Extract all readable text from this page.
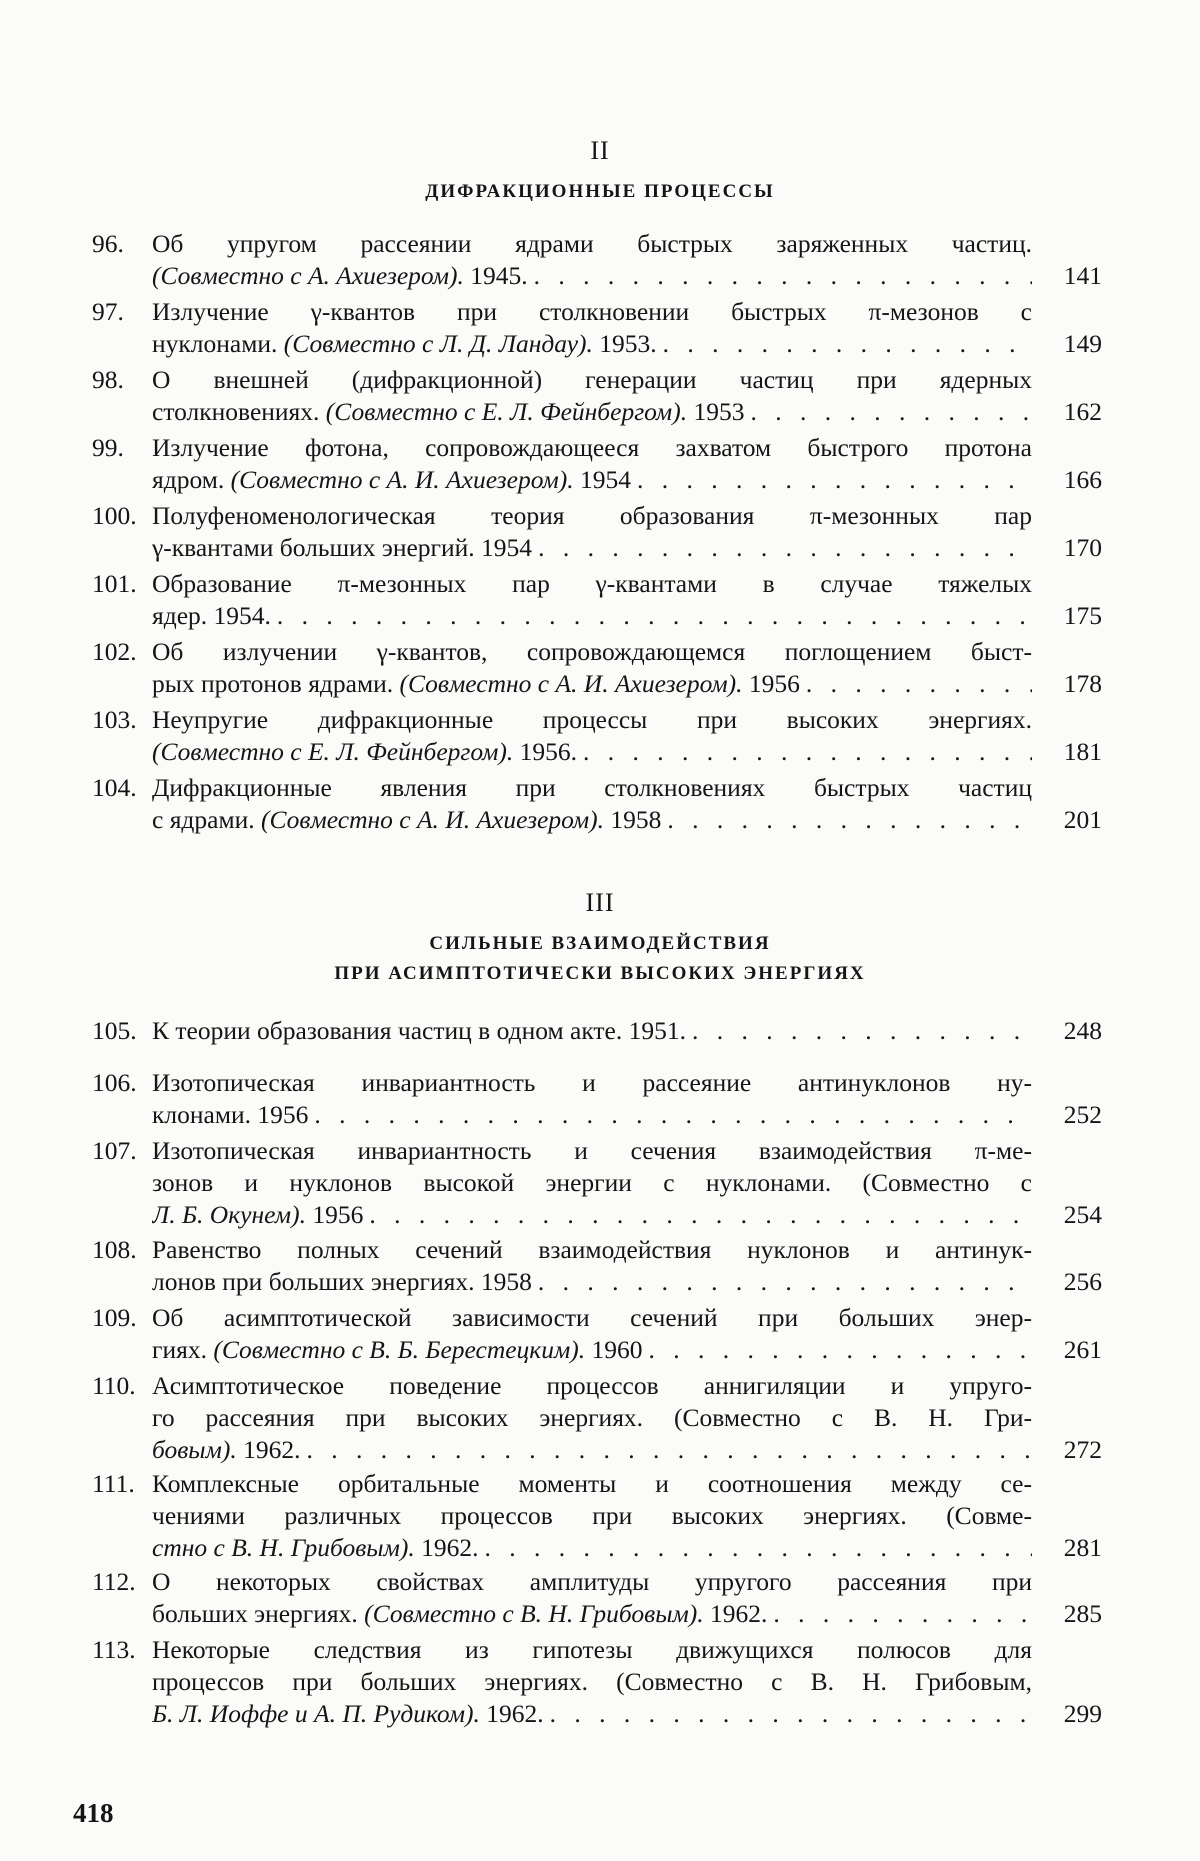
II
ДИФРАКЦИОННЫЕ ПРОЦЕССЫ
96.	Об упругом рассеянии ядрами быстрых заряженных частиц.
(Совместно с А. Ахиезером). 1945. . . .	141
97.	Излучение γ-квантов при столкновении быстрых π-мезонов с
нуклонами. (Совместно с Л. Д. Ландау). 1953. . . .	149
98.	О внешней (дифракционной) генерации частиц при ядерных
столкновениях. (Совместно с Е. Л. Фейнбергом). 1953 . . .	162
99.	Излучение фотона, сопровождающееся захватом быстрого протона
ядром. (Совместно с А. И. Ахиезером). 1954 . . .	166
100. Полуфеноменологическая теория образования π-мезонных пар
γ-квантами больших энергий. 1954 . . .	170
101. Образование π-мезонных пар γ-квантами в случае тяжелых
ядер. 1954. . . .	175
102. Об излучении γ-квантов, сопровождающемся поглощением быст-
рых протонов ядрами. (Совместно с А. И. Ахиезером). 1956 . . .	178
103. Неупругие дифракционные процессы при высоких энергиях.
(Совместно с Е. Л. Фейнбергом). 1956. . . .	181
104. Дифракционные явления при столкновениях быстрых частиц
с ядрами. (Совместно с А. И. Ахиезером). 1958 . . .	201
III
СИЛЬНЫЕ ВЗАИМОДЕЙСТВИЯ
ПРИ АСИМПТОТИЧЕСКИ ВЫСОКИХ ЭНЕРГИЯХ
105. К теории образования частиц в одном акте. 1951. . . .	248
106. Изотопическая инвариантность и рассеяние антинуклонов ну-
клонами. 1956 . . .	252
107. Изотопическая инвариантность и сечения взаимодействия π-ме-
зонов и нуклонов высокой энергии с нуклонами. (Совместно с
Л. Б. Окунем). 1956 . . .	254
108. Равенство полных сечений взаимодействия нуклонов и антинук-
лонов при больших энергиях. 1958 . . .	256
109. Об асимптотической зависимости сечений при больших энер-
гиях. (Совместно с В. Б. Берестецким). 1960 . . .	261
110. Асимптотическое поведение процессов аннигиляции и упруго-
го рассеяния при высоких энергиях. (Совместно с В. Н. Гри-
бовым). 1962. . . .	272
111. Комплексные орбитальные моменты и соотношения между се-
чениями различных процессов при высоких энергиях. (Совме-
стно с В. Н. Грибовым). 1962. . . .	281
112. О некоторых свойствах амплитуды упругого рассеяния при
больших энергиях. (Совместно с В. Н. Грибовым). 1962. . . .	285
113. Некоторые следствия из гипотезы движущихся полюсов для
процессов при больших энергиях. (Совместно с В. Н. Грибовым,
Б. Л. Иоффе и А. П. Рудиком). 1962. . . .	299
418
